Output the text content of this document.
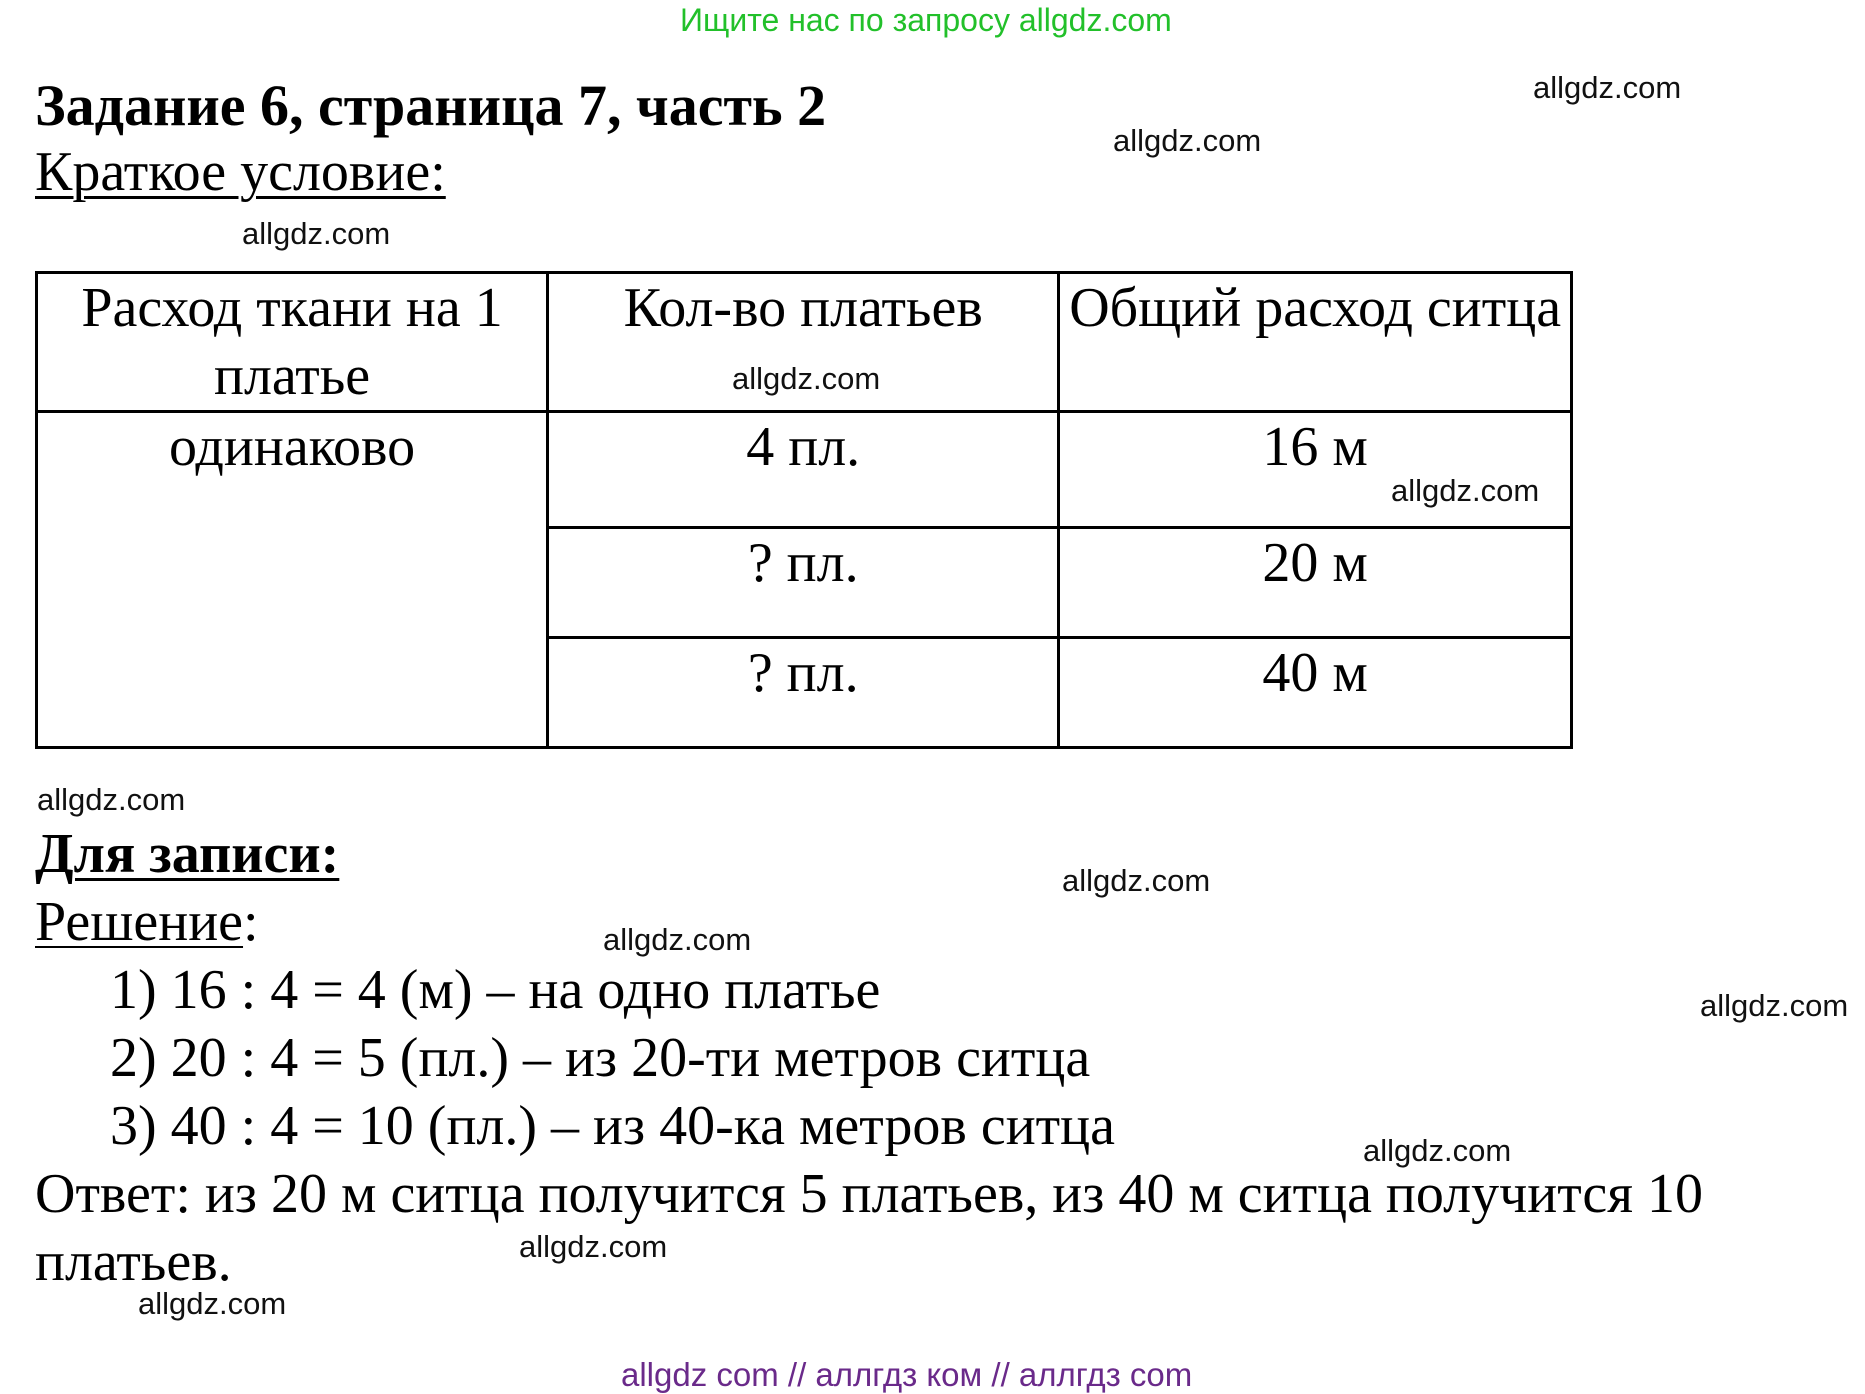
Ищите нас по запросу allgdz.com
Задание 6, страница 7, часть 2
Краткое условие:
Расход ткани на 1 платье	Кол-во платьев	Общий расход ситца
одинаково	4 пл.	16 м
	? пл.	20 м
	? пл.	40 м
Для записи:
Решение:
1) 16 : 4 = 4 (м) – на одно платье
2) 20 : 4 = 5 (пл.) – из 20-ти метров ситца
3) 40 : 4 = 10 (пл.) – из 40-ка метров ситца
Ответ: из 20 м ситца получится 5 платьев, из 40 м ситца получится 10
платьев.
allgdz.com
allgdz.com
allgdz.com
allgdz.com
allgdz.com
allgdz.com
allgdz.com
allgdz.com
allgdz.com
allgdz.com
allgdz.com
allgdz.com
allgdz com // аллгдз ком // аллгдз com
